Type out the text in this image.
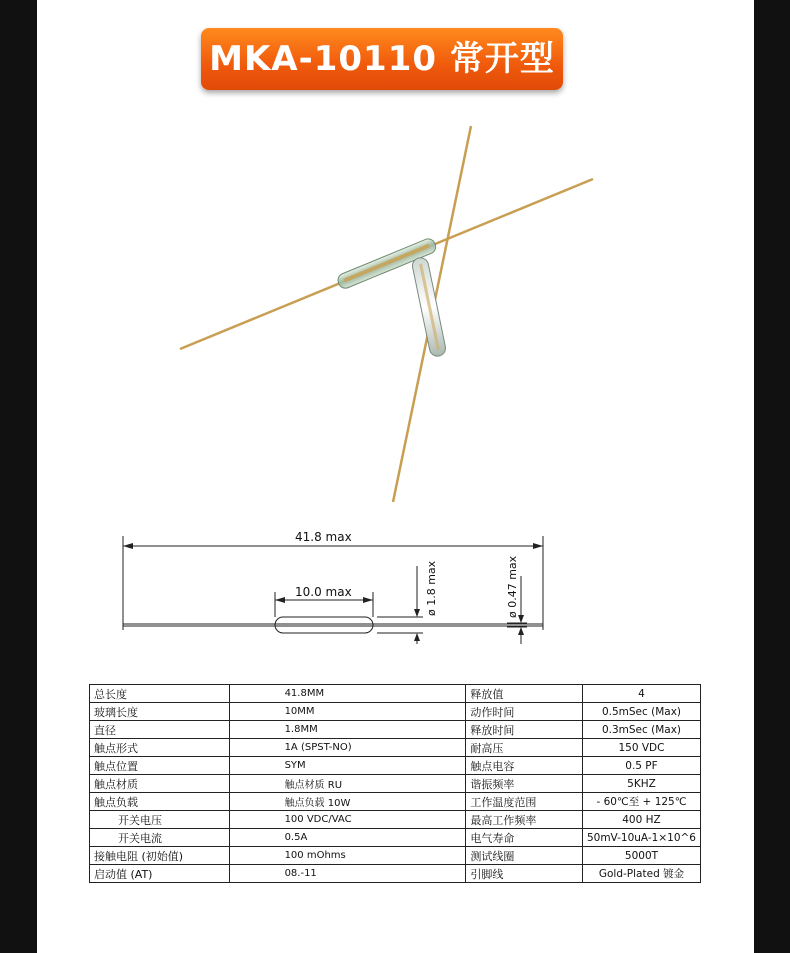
MKA-10110 常开型
41.8 max
10.0 max	ø 1.8 max	ø 0.47 max
总长度	41.8MM	释放值	4
玻璃长度	10MM	动作时间	0.5mSec (Max)
直径	1.8MM	释放时间	0.3mSec (Max)
触点形式	1A (SPST-NO)	耐高压	150 VDC
触点位置	SYM	触点电容	0.5 PF
触点材质	触点材质 RU	谐振频率	5KHZ
触点负载	触点负载 10W	工作温度范围	- 60℃至 + 125℃
开关电压	100 VDC/VAC	最高工作频率	400 HZ
开关电流	0.5A	电气寿命	50mV-10uA-1×10^6
接触电阻 (初始值)	100 mOhms	测试线圈	5000T
启动值 (AT)	08.-11	引脚线	Gold-Plated 镀金
